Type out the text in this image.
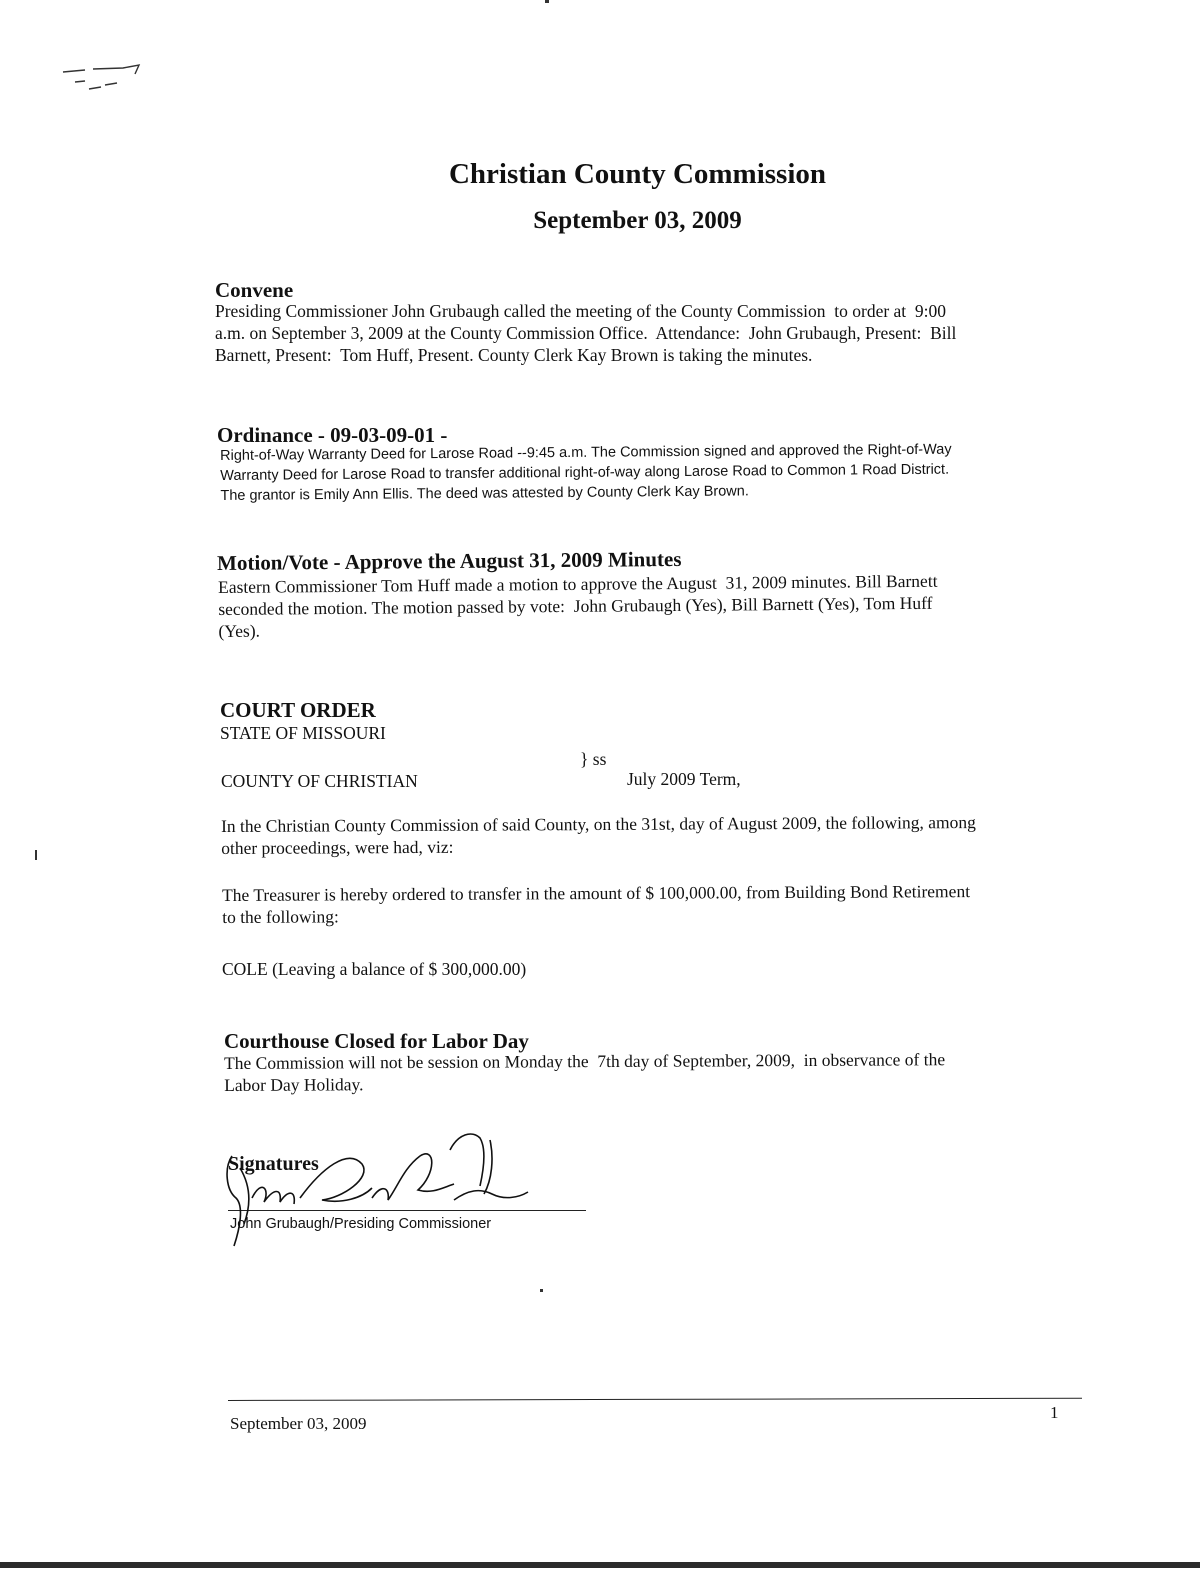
Christian County Commission
September 03, 2009
Convene
Presiding Commissioner John Grubaugh called the meeting of the County Commission  to order at  9:00
a.m. on September 3, 2009 at the County Commission Office.  Attendance:  John Grubaugh, Present:  Bill
Barnett, Present:  Tom Huff, Present. County Clerk Kay Brown is taking the minutes.
Ordinance - 09-03-09-01 -
Right-of-Way Warranty Deed for Larose Road --9:45 a.m. The Commission signed and approved the Right-of-Way
Warranty Deed for Larose Road to transfer additional right-of-way along Larose Road to Common 1 Road District.
The grantor is Emily Ann Ellis. The deed was attested by County Clerk Kay Brown.
Motion/Vote - Approve the August 31, 2009 Minutes
Eastern Commissioner Tom Huff made a motion to approve the August  31, 2009 minutes. Bill Barnett
seconded the motion. The motion passed by vote:  John Grubaugh (Yes), Bill Barnett (Yes), Tom Huff
(Yes).
COURT ORDER
STATE OF MISSOURI
} ss
COUNTY OF CHRISTIAN	July 2009 Term,
In the Christian County Commission of said County, on the 31st, day of August 2009, the following, among
other proceedings, were had, viz:
The Treasurer is hereby ordered to transfer in the amount of $ 100,000.00, from Building Bond Retirement
to the following:
COLE (Leaving a balance of $ 300,000.00)
Courthouse Closed for Labor Day
The Commission will not be session on Monday the  7th day of September, 2009,  in observance of the
Labor Day Holiday.
Signatures
John Grubaugh/Presiding Commissioner
September 03, 2009
1
